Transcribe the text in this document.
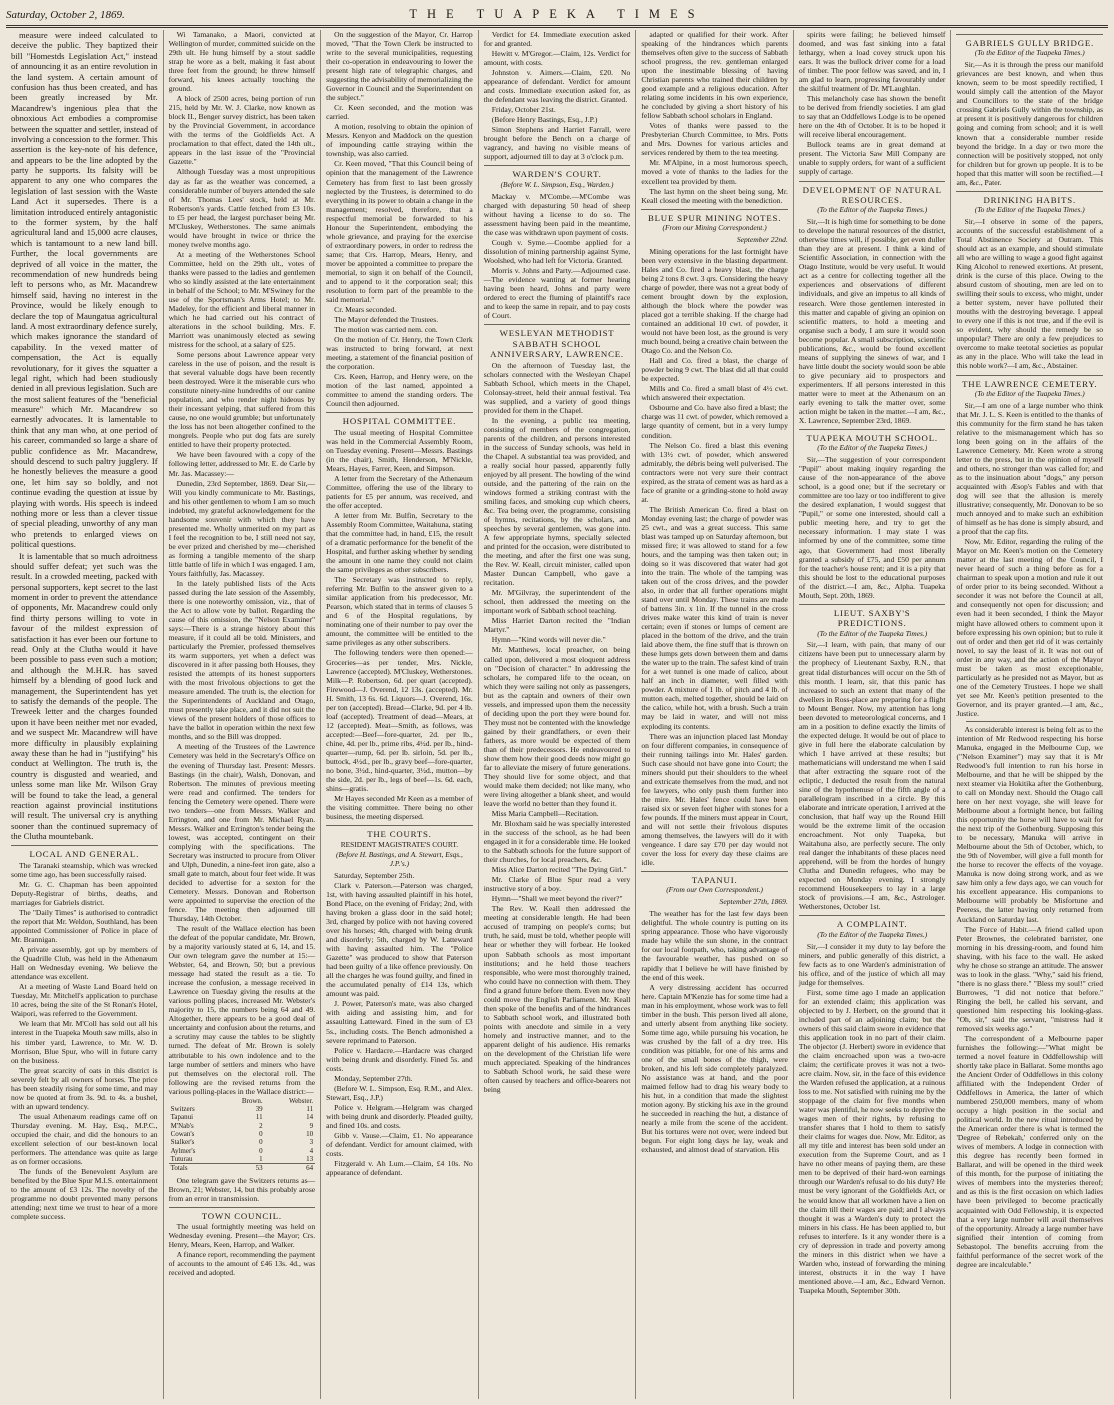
Saturday, October 2, 1869.	THE TUAPEKA TIMES

measure were indeed calculated to deceive the public. They baptized their bill "Homestds Legislation Act," instead of announcing it as an entire revolution in the land system. A certain amount of confusion has thus been created, and has been greatly increased by Mr. Macandrew's ingenious plea that the obnoxious Act embodies a compromise between the squatter and settler, instead of involving a concession to the former. This assertion is the key-note of his defence, and appears to be the line adopted by the party he supports. Its falsity will be apparent to any one who compares the legislation of last session with the Waste Land Act it supersedes. There is a limitation introduced entirely antagonistic to the former system, by the half agricultural land and 15,000 acre clauses, which is tantamount to a new land bill. Further, the local governments are deprived of all voice in the matter, the recommendation of new hundreds being left to persons who, as Mr. Macandrew himself said, having no interest in the Province, would be likely enough to declare the top of Maungatua agricultural land. A most extraordinary defence surely, which makes ignorance the standard of capability. In the vexed matter of compensation, the Act is equally revolutionary, for it gives the squatter a legal right, which had been studiously denied in all previous legislation. Such are the most salient features of the "beneficial measure" which Mr. Macandrew so earnestly advocates. It is lamentable to think that any man who, at one period of his career, commanded so large a share of public confidence as Mr. Macandrew, should descend to such paltry jugglery. If he honestly believes the measure a good one, let him say so boldly, and not continue evading the question at issue by playing with words. His speech is indeed nothing more or less than a clever tissue of special pleading, unworthy of any man who pretends to enlarged views on political questions.

It is lamentable that so much adroitness should suffer defeat; yet such was the result. In a crowded meeting, packed with personal supporters, kept secret to the last moment in order to prevent the attendance of opponents, Mr. Macandrew could only find thirty persons willing to vote in favour of the mildest expression of satisfaction it has ever been our fortune to read. Only at the Clutha would it have been possible to pass even such a motion; and although the M.H.R. has saved himself by a blending of good luck and management, the Superintendent has yet to satisfy the demands of the people. The Treweek letter and the charges founded upon it have been neither met nor evaded, and we suspect Mr. Macandrew will have more difficulty in plausibly explaining away these than he had in "justifying" his conduct at Wellington. The truth is, the country is disgusted and wearied, and unless some man like Mr. Wilson Gray will be found to take the lead, a general reaction against provincial institutions will result. The universal cry is anything sooner than the continued supremacy of the Clutha mountebank.

LOCAL AND GENERAL.

The Taranaki steamship, which was wrecked some time ago, has been successfully raised.

Mr. G. C. Chapman has been appointed Deputy-Registrar of births, deaths, and marriages for Gabriels district.

The "Daily Times" is authorised to contradict the report that Mr. Weldon, Southland, has been appointed Commissioner of Police in place of Mr. Brannigan.

A private assembly, got up by members of the Quadrille Club, was held in the Athenæum Hall on Wednesday evening. We believe the attendance was excellent.

At a meeting of Waste Land Board held on Tuesday, Mr. Mitchell's application to purchase 10 acres, being the site of the St Ronan's Hotel, Waipori, was referred to the Government.

We learn that Mr. M'Coll has sold out all his interest in the Tuapeka Mouth saw mills, also in his timber yard, Lawrence, to Mr. W. D. Morrison, Blue Spur, who will in future carry on the business.

The great scarcity of oats in this district is severely felt by all owners of horses. The price has been steadily rising for some time, and may now be quoted at from 3s. 9d. to 4s. a bushel, with an upward tendency.

The usual Athenæum readings came off on Thursday evening. M. Hay, Esq., M.P.C., occupied the chair, and did the honours to an excellent selection of our best-known local performers. The attendance was quite as large as on former occasions.

The funds of the Benevolent Asylum are benefited by the Blue Spur M.I.S. entertainment to the amount of £3 12s. The novelty of the programme no doubt prevented many persons attending; next time we trust to hear of a more complete success.

Wi Tamanako, a Maori, convicted at Wellington of murder, committed suicide on the 29th ult. He hung himself by a stout saddle strap he wore as a belt, making it fast about three feet from the ground; he threw himself forward, his knees actually touching the ground.

A block of 2500 acres, being portion of run 215, held by Mr. W. J. Clarke, now known as block II., Benger survey district, has been taken by the Provincial Government, in accordance with the terms of the Goldfields Act. A proclamation to that effect, dated the 14th ult., appears in the last issue of the "Provincial Gazette."

Although Tuesday was a most unpropitious day as far as the weather was concerned, a considerable number of buyers attended the sale of Mr. Thomas Lees' stock, held at Mr. Robertson's yards. Cattle fetched from £3 10s. to £5 per head, the largest purchaser being Mr. M'Cluskey, Wetherstones. The same animals would have brought in twice or thrice the money twelve months ago.

At a meeting of the Wetherstones School Committee, held on the 29th ult., votes of thanks were passed to the ladies and gentlemen who so kindly assisted at the late entertainment in behalf of the School; to Mr. M'Swiney for the use of the Sportsman's Arms Hotel; to Mr. Madeley, for the efficient and liberal manner in which he had carried out his contract of alterations in the school building. Mrs. F. Marriott was unanimously elected as sewing mistress for the school, at a salary of £25.

Some persons about Lawrence appear very careless in the use of poison, and the result is that several valuable dogs have been recently been destroyed. Were it the miserable curs who constitute ninety-nine hundredths of our canine population, and who render night hideous by their incessant yelping, that suffered from this cause, no one would grumble; but unfortunately the loss has not been altogether confined to the mongrels. People who put dog fats are surely entitled to have their property protected.

We have been favoured with a copy of the following letter, addressed to Mr. E. de Carle by Mr. Jas. Macassey:—

Dunedin, 23rd September, 1869. Dear Sir,—Will you kindly communicate to Mr. Bastings, and his other gentlemen to whom I am so much indebted, my grateful acknowledgement for the handsome souvenir with which they have presented me. Wholly unmerited on my part as I feel the recognition to be, I still need not say, be ever prized and cherished by me—cherished as forming a tangible memento of the sharp little battle of life in which I was engaged. I am, Yours faithfully, Jas. Macassey.

In the lately published lists of the Acts passed during the late session of the Assembly, there is one noteworthy omission, viz., that of the Act to allow vote by ballot. Regarding the cause of this omission, the "Nelson Examiner" says:—There is a strange history about this measure, if it could all be told. Ministers, and particularly the Premier, professed themselves its warm supporters, yet when a defect was discovered in it after passing both Houses, they resisted the attempts of its honest supporters with the most frivolous objections to get the measure amended. The truth is, the election for the Superintendents of Auckland and Otago, must presently take place, and it did not suit the views of the present holders of those offices to have the ballot in operation within the next few months, and so the Bill was dropped.

A meeting of the Trustees of the Lawrence Cemetery was held in the Secretary's Office on the evening of Thursday last. Present: Messrs. Bastings (in the chair), Walsh, Donovan, and Robertson. The minutes of previous meeting were read and confirmed. The tenders for fencing the Cemetery were opened. There were two tenders—one from Messrs. Walker and Errington, and one from Mr. Michael Ryan. Messrs. Walker and Errington's tender being the lowest, was accepted, contingent on their complying with the specifications. The Secretary was instructed to procure from Oliver and Ulph, Dunedin, a nine-feet iron gate, also a small gate to match, about four feet wide. It was decided to advertise for a sexton for the Cemetery. Messrs. Donovan and Robertson were appointed to supervise the erection of the fence. The meeting then adjourned till Thursday, 14th October.

The result of the Wallace election has been the defeat of the popular candidate, Mr. Brown, by a majority variously stated at 6, 14, and 15. Our own telegram gave the number at 15:—Webster, 64, and Brown, 50; but a previous message had stated the result as a tie. To increase the confusion, a message received in Lawrence on Tuesday giving the results at the various polling places, increased Mr. Webster's majority to 15, the numbers being 64 and 49. Altogether, there appears to be a good deal of uncertainty and confusion about the returns, and a scrutiny may cause the tables to be slightly turned. The defeat of Mr. Brown is solely attributable to his own indolence and to the large number of settlers and miners who have put themselves on the electoral roll. The following are the revised returns from the various polling-places in the Wallace district:—

	Brown.	Webster.
Switzers	39	11
Tapanui	11	14
M'Nab's	2	9
Cowan's	0	10
Stalker's	0	3
Aylmer's	0	4
Tuturau	1	13
Totals	53	64

One telegram gave the Switzers returns as—Brown, 21; Webster, 14, but this probably arose from an error in transmission.

TOWN COUNCIL.

The usual fortnightly meeting was held on Wednesday evening. Present—the Mayor; Crs. Henry, Mears, Keen, Harrop, and Walker.

A finance report, recommending the payment of accounts to the amount of £46 13s. 4d., was received and adopted.

On the suggestion of the Mayor, Cr. Harrop moved, "That the Town Clerk be instructed to write to the several municipalities, requesting their co-operation in endeavouring to lower the present high rate of telegraphic charges, and suggesting the advisability of memorializing the Governor in Council and the Superintendent on the subject."

Cr. Keen seconded, and the motion was carried.

A motion, resolving to obtain the opinion of Messrs. Kenyon and Maddock on the question of impounding cattle straying within the township, was also carried.

Cr. Keen moved, "That this Council being of opinion that the management of the Lawrence Cemetery has from first to last been grossly neglected by the Trustees, is determined to do everything in its power to obtain a change in the management; resolved, therefore, that a respectful memorial be forwarded to his Honour the Superintendent, embodying the whole grievance, and praying for the exercise of extraordinary powers, in order to redress the same; that Crs. Harrop, Mears, Henry, and mover be appointed a committee to prepare the memorial, to sign it on behalf of the Council, and to append to it the corporation seal; this resolution to form part of the preamble to the said memorial."

Cr. Mears seconded.

The Mayor defended the Trustees.

The motion was carried nem. con.

On the motion of Cr. Henry, the Town Clerk was instructed to bring forward, at next meeting, a statement of the financial position of the corporation.

Crs. Keen, Harrop, and Henry were, on the motion of the last named, appointed a committee to amend the standing orders. The Council then adjourned.

HOSPITAL COMMITTEE.

The usual meeting of Hospital Committee was held in the Commercial Assembly Room, on Tuesday evening. Present—Messrs. Bastings (in the chair), Smith, Henderson, M'Nickle, Mears, Hayes, Farrer, Keen, and Simpson.

A letter from the Secretary of the Athenæum Committee, offering the use of the library to patients for £5 per annum, was received, and the offer accepted.

A letter from Mr. Bulfin, Secretary to the Assembly Room Committee, Waitahuna, stating that the committee had, in hand, £15, the result of a dramatic performance for the benefit of the Hospital, and further asking whether by sending the amount in one name they could not claim the same privileges as other subscribers.

The Secretary was instructed to reply, referring Mr. Bulfin to the answer given to a similar application from his predecessor, Mr. Pearson, which stated that in terms of clauses 5 and 6 of the Hospital regulations, by nominating one of their number to pay over the amount, the committee will be entitled to the same privileges as any other subscribers.

The following tenders were then opened:—Groceries—as per tender, Mrs. Nickle, Lawrence (accepted). M'Cluskey, Wetherstones. Milk—P. Robertson, 6d. per quart (accepted). Firewood—J. Overend, 12 13s. (accepted). Mr. H. Smith, 13 6s. 6d. Liquors—J. Overend, 16s. per ton (accepted). Bread—Clarke, 9d. per 4 lb. loaf (accepted). Treatment of dead—Mears, at 12 (accepted). Meat—Smith, as follows, was accepted:—Beef—fore-quarter, 2d. per lb., chine, 4d. per lb., prime ribs, 4½d. per lb., hind-quarter—rump, 6d. per lb. sirloin, 5d. per lb., buttock, 4½d., per lb., gravy beef—fore-quarter, no bone, 3½d., hind-quarter, 3½d., mutton—by the side, 2d. per lb., legs of beef—1s. 6d. each, shins—gratis.

Mr Hayes seconded Mr Keen as a member of the visiting committee. There being no other business, the meeting dispersed.

THE COURTS.
RESIDENT MAGISTRATE'S COURT.
(Before H. Bastings, and A. Stewart, Esqs., J.P.'s.)

Saturday, September 25th.

Clark v. Paterson.—Paterson was charged, 1st, with having assaulted plaintiff in his hotel, Bond Place, on the evening of Friday; 2nd, with having broken a glass door in the said hotel; 3rd, charged by police with not having covered over his horses; 4th, charged with being drunk and disorderly; 5th, charged by W. Latteward with having assaulted him. The "Police Gazette" was produced to show that Paterson had been guilty of a like offence previously. On all the charges he was found guilty, and fined in the accumulated penalty of £14 13s, which amount was paid.

J. Power, Paterson's mate, was also charged with aiding and assisting him, and for assaulting Latteward. Fined in the sum of £3 5s., including costs. The Bench admonished a severe reprimand to Paterson.

Police v. Hardacre.—Hardacre was charged with being drunk and disorderly. Fined 5s. and costs.

Monday, September 27th.

(Before W. L. Simpson, Esq. R.M., and Alex. Stewart, Esq., J.P.)

Police v. Helgram.—Helgram was charged with being drunk and disorderly. Pleaded guilty, and fined 10s. and costs.

Gibb v. Vause.—Claim, £1. No appearance of defendant. Verdict for amount claimed, with costs.

Fitzgerald v. Ah Lum.—Claim, £4 10s. No appearance of defendant.

Verdict for £4. Immediate execution asked for and granted.

Hewitt v. M'Gregor.—Claim, 12s. Verdict for amount, with costs.

Johnston v. Aimers.—Claim, £20. No appearance of defendant. Verdict for amount and costs. Immediate execution asked for, as the defendant was leaving the district. Granted.

Friday, October 21st.

(Before Henry Bastings, Esq., J.P.)

Simon Stephens and Harriet Farrall, were brought before the Bench on a charge of vagrancy, and having no visible means of support, adjourned till to day at 3 o'clock p.m.

WARDEN'S COURT.
(Before W. L. Simpson, Esq., Warden.)

Mackay v. M'Combe.—M'Combe was charged with depasturing 50 head of sheep without having a license to do so. The assessment having been paid in the meantime, the case was withdrawn upon payment of costs.

Cough v. Syme.—Coombe applied for a dissolution of mining partnership against Syme, Woolshed, who had left for Victoria. Granted.

Morris v. Johns and Party.—Adjourned case.—The evidence wanting at former hearing having been heard, Johns and party were ordered to erect the fluming of plaintiff's race and to keep the same in repair, and to pay costs of Court.

WESLEYAN METHODIST SABBATH SCHOOL ANNIVERSARY, LAWRENCE.

On the afternoon of Tuesday last, the scholars connected with the Wesleyan Chapel Sabbath School, which meets in the Chapel, Colonsay-street, held their annual festival. Tea was supplied, and a variety of good things provided for them in the Chapel.

In the evening, a public tea meeting, consisting of members of the congregation, parents of the children, and persons interested in the success of Sunday schools, was held in the Chapel. A substantial tea was provided, and a really social hour passed, apparently fully enjoyed by all present. The howling of the wind outside, and the pattering of the rain on the windows formed a striking contrast with the smiling faces, and smoking cup which cheers, &c. Tea being over, the programme, consisting of hymns, recitations, by the scholars, and speeches by several gentlemen, was gone into. A few appropriate hymns, specially selected and printed for the occasion, were distributed to the meeting, and after the first one was sung, the Rev. W. Keall, circuit minister, called upon Master Duncan Campbell, who gave a recitation.

Mr. M'Gilvray, the superintendent of the school, then addressed the meeting on the important work of Sabbath school teaching.

Miss Harriet Darton recited the "Indian Martyr."

Hymn—"Kind words will never die."

Mr. Matthews, local preacher, on being called upon, delivered a most eloquent address on "Decision of character." In addressing the scholars, he compared life to the ocean, on which they were sailing not only as passengers, but as the captain and owners of their own vessels, and impressed upon them the necessity of deciding upon the port they were bound for. They must not be contented with the knowledge gained by their grandfathers, or even their fathers, as more would be expected of them than of their predecessors. He endeavoured to show them how their good deeds now might go far to alleviate the misery of future generations. They should live for some object, and that would make them decided; not like many, who were living altogether a blank sheet, and would leave the world no better than they found it.

Miss Maria Campbell—Recitation.

Mr. Bloxham said he was specially interested in the success of the school, as he had been engaged in it for a considerable time. He looked to the Sabbath schools for the future support of their churches, for local preachers, &c.

Miss Alice Darton recited "The Dying Girl."

Mr. Clarke of Blue Spur read a very instructive story of a boy.

Hymn—"Shall we meet beyond the river?"

The Rev. W. Keall then addressed the meeting at considerable length. He had been accused of tramping on people's corns; but truth, he said, must be told, whether people will hear or whether they will forbear. He looked upon Sabbath schools as most important institutions; and he held those teachers responsible, who were most thoroughly trained, who could have no connection with them. They find a grand future before them. Even now they could move the English Parliament. Mr. Keall then spoke of the benefits and of the hindrances to Sabbath school work, and illustrated both points with anecdote and simile in a very homely and instructive manner, and to the apparent delight of his audience. His remarks on the development of the Christian life were much appreciated. Speaking of the hindrances to Sabbath School work, he said these were often caused by teachers and office-bearers not being

adapted or qualified for their work. After speaking of the hindrances which parents themselves often give to the success of Sabbath school progress, the rev. gentleman enlarged upon the inestimable blessing of having Christian parents who trained their children by good example and a religious education. After relating some incidents in his own experience, he concluded by giving a short history of his fellow Sabbath school scholars in England.

Votes of thanks were passed to the Presbyterian Church Committee, to Mrs. Potts and Mrs. Downes for various articles and services rendered by them to the tea meeting.

Mr. M'Alpine, in a most humorous speech, moved a vote of thanks to the ladies for the excellent tea provided by them.

The last hymn on the sheet being sung, Mr. Keall closed the meeting with the benediction.

BLUE SPUR MINING NOTES.
(From our Mining Correspondent.)

September 22nd.

Mining operations for the last fortnight have been very extensive in the blasting department. Hales and Co. fired a heavy blast, the charge being 2 tons 8 cwt. 3 qrs. Considering the heavy charge of powder, there was not a great body of cement brought down by the explosion, although the block where the powder was placed got a terrible shaking. If the charge had contained an additional 10 cwt. of powder, it would not have been lost, as the ground is very much bound, being a creative chain between the Otago Co. and the Nelson Co.

Hall and Co. fired a blast, the charge of powder being 9 cwt. The blast did all that could be expected.

Mills and Co. fired a small blast of 4½ cwt. which answered their expectation.

Osbourne and Co. have also fired a blast; the charge was 11 cwt. of powder, which removed a large quantity of cement, but in a very lumpy condition.

The Nelson Co. fired a blast this evening with 13½ cwt. of powder, which answered admirably, the débris being well pulverised. The contractors were not very sure their contract expired, as the strata of cement was as hard as a face of granite or a grinding-stone to hold away at.

The British American Co. fired a blast on Monday evening last; the charge of powder was 25 cwt., and was a great success. This same blast was tamped up on Saturday afternoon, but missed fire; it was allowed to stand for a few hours, and the tamping was then taken out; in doing so it was discovered that water had got into the train. The whole of the tamping was taken out of the cross drives, and the powder also, in order that all further operations might stand over until Monday. These trains are made of battens 3in. x 1in. If the tunnel in the cross drives make water this kind of train is never certain; even if stones or lumps of cement are placed in the bottom of the drive, and the train laid above them, the fine stuff that is thrown on these lumps gets down between them and dams the water up to the train. The safest kind of train for a wet tunnel is one made of calico, about half an inch in diameter, well filled with powder. A mixture of 1 lb. of pitch and 4 lb. of mutton each, melted together, should be laid on the calico, while hot, with a brush. Such a train may be laid in water, and will not miss exploding its contents.

There was an injunction placed last Monday on four different companies, in consequence of their running tailings into Mr. Hales' garden. Such case should not have gone into Court; the miners should put their shoulders to the wheel and extricate themselves from the mud, and not fee lawyers, who only push them further into the mire. Mr. Hales' fence could have been raised six or seven feet higher with stones for a few pounds. If the miners must appear in Court, and will not settle their frivolous disputes among themselves, the lawyers will do it with vengeance. I dare say £70 per day would not cover the loss for every day these claims are idle.

TAPANUI.
(From our Own Correspondent.)

September 27th, 1869.

The weather has for the last few days been delightful. The whole country is putting on its spring appearance. Those who have vigorously made hay while the sun shone, in the contract for our local footpath, who, taking advantage of the favourable weather, has pushed on so rapidly that I believe he will have finished by the end of this week.

A very distressing accident has occurred here. Captain M'Kenzie has for some time had a man in his employment, whose work was to fell timber in the bush. This person lived all alone, and utterly absent from anything like society. Some time ago, while pursuing his vocation, he was crushed by the fall of a dry tree. His condition was pitiable, for one of his arms and one of the small bones of the thigh, were broken, and his left side completely paralyzed. No assistance was at hand, and the poor maimed fellow had to drag his weary body to his hut, in a condition that made the slightest motion agony. By sticking his axe in the ground he succeeded in reaching the hut, a distance of nearly a mile from the scene of the accident. But his tortures were not over, were indeed but begun. For eight long days he lay, weak and exhausted, and almost dead of starvation. His

spirits were failing; he believed himself doomed, and was fast sinking into a fatal lethargy, when a load covey struck upon his ears. It was the bullock driver come for a load of timber. The poor fellow was saved, and in, I am glad to learn, progressing favourably under the skilful treatment of Dr. M'Laughlan.

This melancholy case has shown the benefit to be derived from friendly societies. I am glad to say that an Oddfellows Lodge is to be opened here on the 4th of October. It is to be hoped it will receive liberal encouragement.

Bullock teams are in great demand at present. The Victoria Saw Mill Company are unable to supply orders, for want of a sufficient supply of cartage.

DEVELOPMENT OF NATURAL RESOURCES.
(To the Editor of the Tuapeka Times.)

Sir,—It is high time for something to be done to develope the natural resources of the district, otherwise times will, if possible, get even duller than they are at present. I think a kind of Scientific Association, in connection with the Otago Institute, would be very useful. It would act as a centre for collecting together all the experiences and observations of different individuals, and give an impetus to all kinds of research. Were those gentlemen interested in this matter and capable of giving an opinion on scientific matters, to hold a meeting and organise such a body, I am sure it would soon become popular. A small subscription, scientific publications, &c., would be found excellent means of supplying the sinews of war, and I have little doubt the society would soon be able to give pecuniary aid to prospectors and experimenters. If all persons interested in this matter were to meet at the Athenæum on an early evening to talk the matter over, some action might be taken in the matter.—I am, &c., X. Lawrence, September 23rd, 1869.

TUAPEKA MOUTH SCHOOL.
(To the Editor of the Tuapeka Times.)

Sir,—The suggestion of your correspondent "Pupil" about making inquiry regarding the cause of the non-appearance of the above school, is a good one; but if the secretary or committee are too lazy or too indifferent to give the desired explanation, I would suggest that "Pupil," or some one interested, should call a public meeting here, and try to get the necessary information. I may state I was informed by one of the committee, some time ago, that Government had most liberally granted a subsidy of £75, and £50 per annum for the teacher's house rent; and it is a pity that this should be lost to the educational purposes of the district.—I am, &c., Alpha. Tuapeka Mouth, Sept. 20th, 1869.

LIEUT. SAXBY'S PREDICTIONS.
(To the Editor of the Tuapeka Times.)

Sir,—I learn, with pain, that many of our citizens have been put to unnecessary alarm by the prophecy of Lieutenant Saxby, R.N., that great tidal disturbances will occur on the 5th of this month. I learn, sir, that this panic has increased to such an extent that many of the dwellers in Ross-place are preparing for a flight to Mount Benger. Now, my attention has long been devoted to meteorological concerns, and I am in a position to define exactly the limits of the expected deluge. It would be out of place to give in full here the elaborate calculation by which I have arrived at these results; but mathematicians will understand me when I said that after extracting the square root of the ecliptic, I deducted the result from the natural sine of the hypothenuse of the fifth angle of a parallelogram inscribed in a circle. By this elaborate and intricate operation, I arrived at the conclusion, that half way up the Round Hill would be the extreme limit of the occasion encroachment. Not only Tuapeka, but Waitahuna also, are perfectly secure. The only real danger the inhabitants of these places need apprehend, will be from the hordes of hungry Clutha and Dunedin refugees, who may be expected on Monday evening. I strongly recommend Housekeepers to lay in a large stock of provisions.—I am, &c., Astrologer. Wetherstones, October 1st.

A COMPLAINT.
(To the Editor of the Tuapeka Times.)

Sir,—I consider it my duty to lay before the miners, and public generally of this district, a few facts as to one Warden's administration of his office, and of the justice of which all may judge for themselves.

First, some time ago I made an application for an extended claim; this application was objected to by J. Herbert, on the ground that it included part of an adjoining claim; but the owners of this said claim swore in evidence that this application took in no part of their claim. The objector (J. Herbert) swore in evidence that the claim encroached upon was a two-acre claim; the certificate proves it was not a two-acre claim. Now, sir, in the face of this evidence the Warden refused the application, at a ruinous loss to me. Not satisfied with ruining me by the stoppage of the claim for five months when water was plentiful, he now seeks to deprive the wages men of their rights, by refusing to transfer shares that I hold to them to satisfy their claims for wages due. Now, Mr. Editor, as all my title and interest has been sold under an execution from the Supreme Court, and as I have no other means of paying them, are these men to be deprived of their hard-won earnings through our Warden's refusal to do his duty? He must be very ignorant of the Goldfields Act, or he would know that all workmen have a lien on the claim till their wages are paid; and I always thought it was a Warden's duty to protect the miners in his class. He has been applied to, but refuses to interfere. Is it any wonder there is a cry of depression in trade and poverty among the miners in this district when we have a Warden who, instead of forwarding the mining interest, obstructs it in the way I have mentioned above.—I am, &c., Edward Vernon. Tuapeka Mouth, September 30th.

GABRIELS GULLY BRIDGE.
(To the Editor of the Tuapeka Times.)

Sir,—As it is through the press our manifold grievances are best known, and when thus known, seem to be most speedily rectified, I would simply call the attention of the Mayor and Councillors to the state of the bridge crossing Gabriels Gully within the township, as at present it is positively dangerous for children going and coming from school; and it is well known that a considerable number reside beyond the bridge. In a day or two more the connection will be positively stopped, not only for children but for grown up people. It is to be hoped that this matter will soon be rectified.—I am, &c., Pater.

DRINKING HABITS.
(To the Editor of the Tuapeka Times.)

Sir,—I observe in some of the papers, accounts of the successful establishment of a Total Abstinence Society at Outram. This should act as an example, and should stimulate all who are willing to wage a good fight against King Alcohol to renewed exertions. At present, drink is the curse of this place. Owing to the absurd custom of shouting, men are led on to swilling their souls to excess, who might, under a better system, never have polluted their mouths with the destroying beverage. I appeal to every one if this is not true, and if the evil is so evident, why should the remedy be so unpopular? There are only a few prejudices to overcome to make teetotal societies as popular as any in the place. Who will take the lead in this noble work?—I am, &c., Abstainer.

THE LAWRENCE CEMETERY.
(To the Editor of the Tuapeka Times.)

Sir,—I am one of a large number who think that Mr. J. L. S. Keen is entitled to the thanks of this community for the firm stand he has taken relative to the mismanagement which has so long been going on in the affairs of the Lawrence Cemetery. Mr. Keen wrote a strong letter to the press, but in the opinion of myself and others, no stronger than was called for; and as to the insinuation about "dogs," any person acquainted with Æsop's Fables and with that dog will see that the allusion is merely illustrative; consequently, Mr. Donovan to be so much annoyed and to make such an exhibition of himself as he has done is simply absurd, and a proof that the cap fits.

Now, Mr. Editor, regarding the ruling of the Mayor on Mr. Keen's motion on the Cemetery matter at the last meeting of the Council, I never heard of such a thing before as for a chairman to speak upon a motion and rule it out of order prior to its being seconded. Without a seconder it was not before the Council at all, and consequently not open for discussion; and even had it been seconded, I think the Mayor might have allowed others to comment upon it before expressing his own opinion; but to rule it out of order and then get rid of it was certainly novel, to say the least of it. It was not out of order in any way, and the action of the Mayor must be taken as most exceptionable, particularly as he presided not as Mayor, but as one of the Cemetery Trustees. I hope we shall yet see Mr. Keen's petition presented to the Governor, and its prayer granted.—I am, &c., Justice.

As considerable interest is being felt as to the intention of Mr Redwood respecting his horse Manuka, engaged in the Melbourne Cup, we ("Nelson Examiner") may say that it is Mr Redwood's full intention to run his horse in Melbourne, and that he will be shipped by the next steamer via Hokitika after the Gothenburg, to call on Monday next. Should the Otago call here on her next voyage, she will leave for Melbourne about a fortnight hence, but failing this opportunity the horse will have to wait for the next trip of the Gothenburg. Supposing this to be necessary, Manuka will arrive in Melbourne about the 5th of October, which, to the 9th of November, will give a full month for the horse to recover the effects of the voyage. Manuka is now doing strong work, and as we saw him only a few days ago, we can vouch for his excellent appearance. His companions to Melbourne will probably be Misfortune and Peeress, the latter having only returned from Auckland on Saturday last.

The Force of Habit.—A friend called upon Peter Brownes, the celebrated barrister, one morning in his dressing-room, and found him shaving, with his face to the wall. He asked why he chose so strange an attitude. The answer was to look in the glass. "Why," said his friend, "there is no glass there." "Bless my soul!" cried Burrowes, "I did not notice that before." Ringing the bell, he called his servant, and questioned him respecting his looking-glass. "Oh, sir," said the servant, "mistress had it removed six weeks ago."

The correspondent of a Melbourne paper furnishes the following:—"What might be termed a novel feature in Oddfellowship will shortly take place in Ballarat. Some months ago the Ancient Order of Oddfellows in this colony affiliated with the Independent Order of Oddfellows in America, the latter of which numbered 250,000 members, many of whom occupy a high position in the social and political world. In the new ritual introduced by the American order there is what is termed the 'Degree of Rebekah,' conferred only on the wives of members. A lodge in connection with this degree has recently been formed in Ballarat, and will be opened in the third week of this month, for the purpose of initiating the wives of members into the mysteries thereof; and as this is the first occasion on which ladies have been privileged to become practically acquainted with Odd Fellowship, it is expected that a very large number will avail themselves of the opportunity. Already a large number have signified their intention of coming from Sebastopol. The benefits accruing from the faithful performance of the secret work of the degree are incalculable."
